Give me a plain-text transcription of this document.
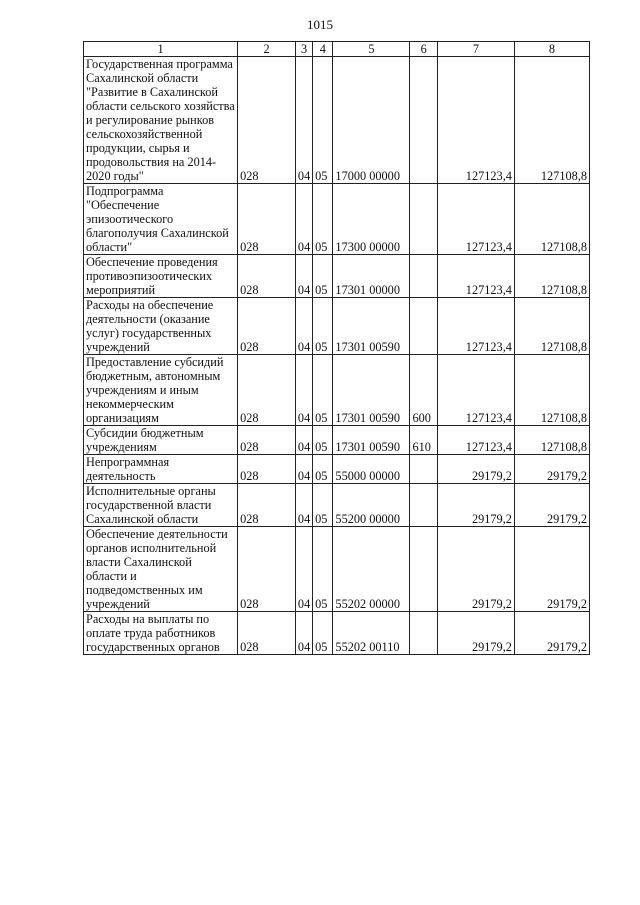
1015
1	2	3	4	5	6	7	8
Государственная программа Сахалинской области "Развитие в Сахалинской области сельского хозяйства и регулирование рынков сельскохозяйственной продукции, сырья и продовольствия на 2014-2020 годы"	028	04	05	17000 00000		127123,4	127108,8
Подпрограмма "Обеспечение эпизоотического благополучия Сахалинской области"	028	04	05	17300 00000		127123,4	127108,8
Обеспечение проведения противоэпизоотических мероприятий	028	04	05	17301 00000		127123,4	127108,8
Расходы на обеспечение деятельности (оказание услуг) государственных учреждений	028	04	05	17301 00590		127123,4	127108,8
Предоставление субсидий бюджетным, автономным учреждениям и иным некоммерческим организациям	028	04	05	17301 00590	600	127123,4	127108,8
Субсидии бюджетным учреждениям	028	04	05	17301 00590	610	127123,4	127108,8
Непрограммная деятельность	028	04	05	55000 00000		29179,2	29179,2
Исполнительные органы государственной власти Сахалинской области	028	04	05	55200 00000		29179,2	29179,2
Обеспечение деятельности органов исполнительной власти Сахалинской области и подведомственных им учреждений	028	04	05	55202 00000		29179,2	29179,2
Расходы на выплаты по оплате труда работников государственных органов	028	04	05	55202 00110		29179,2	29179,2
